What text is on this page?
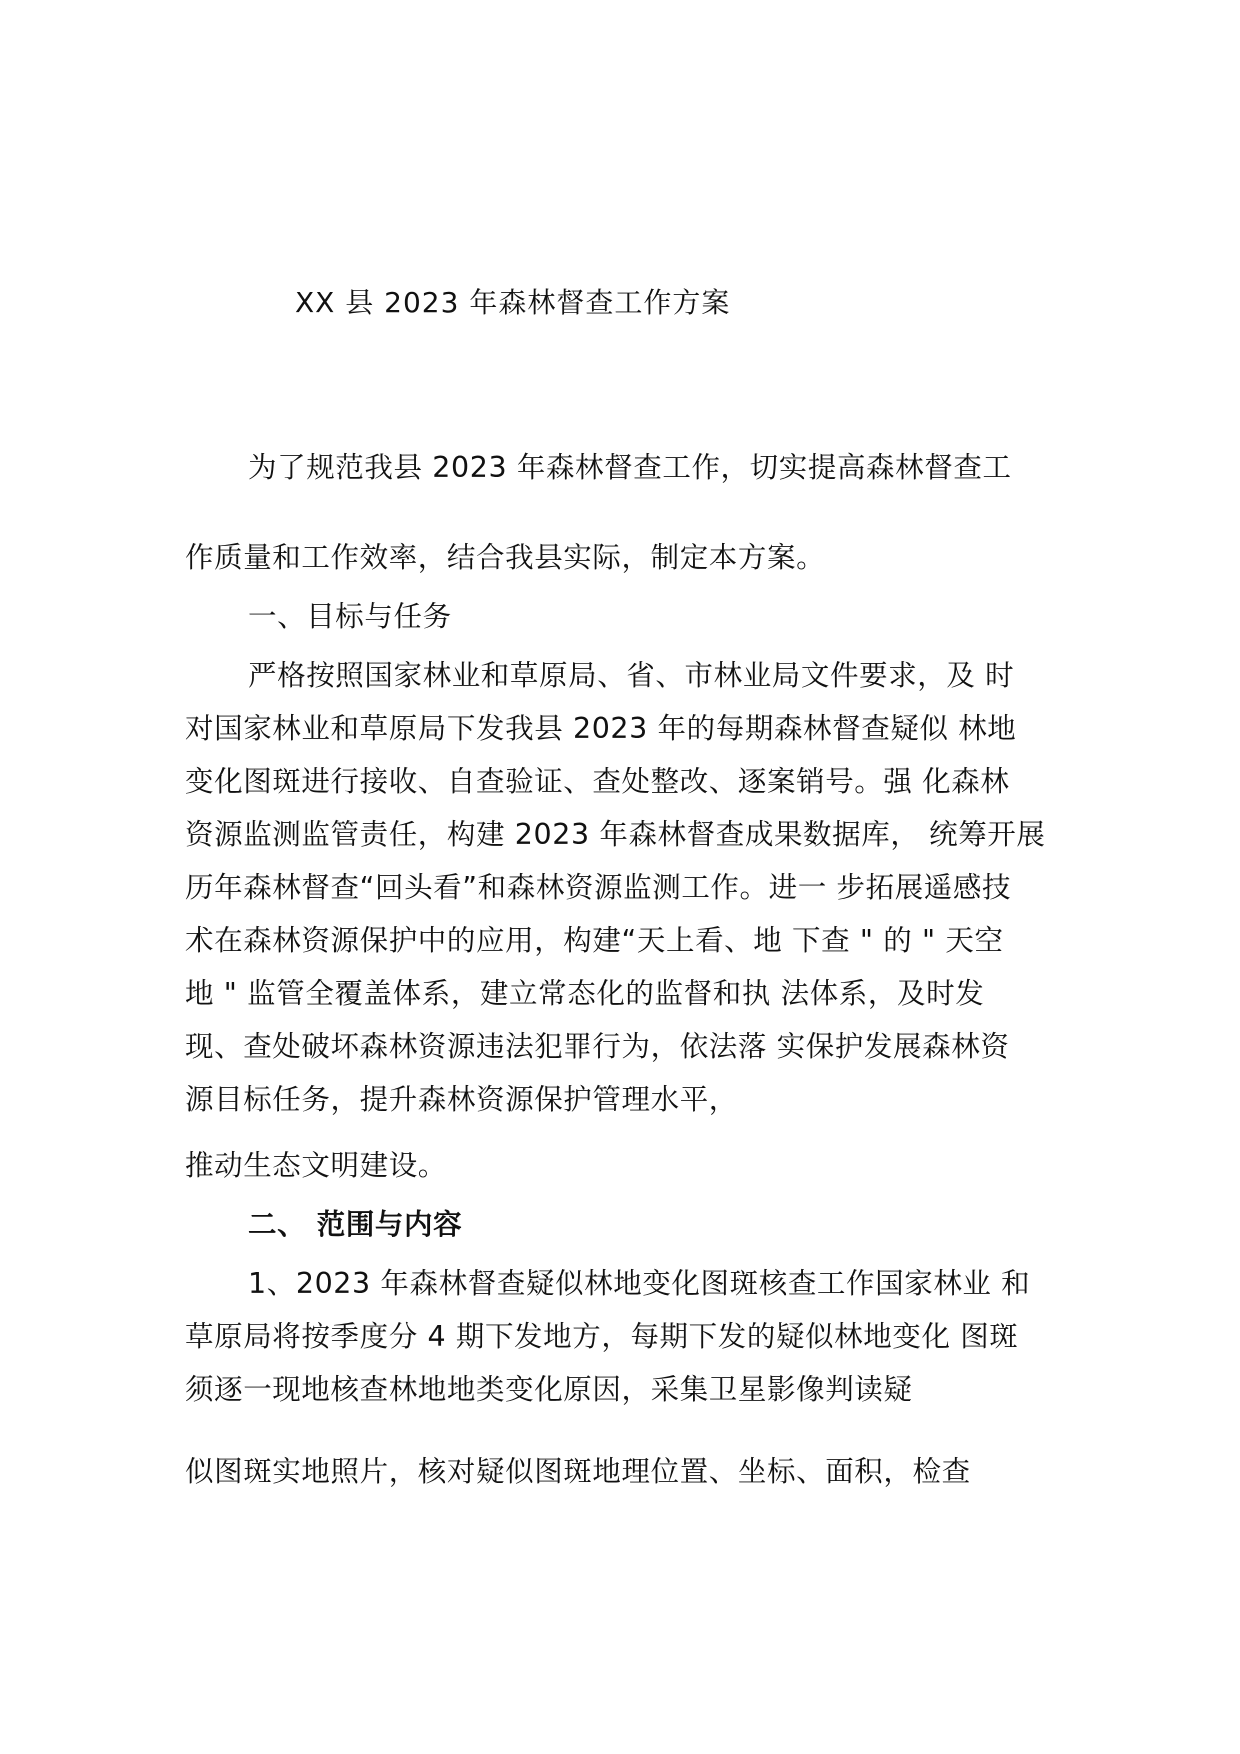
XX 县 2023 年森林督查工作方案
为了规范我县 2023 年森林督查工作，切实提高森林督查工
作质量和工作效率，结合我县实际，制定本方案。
一、目标与任务
严格按照国家林业和草原局、省、市林业局文件要求，及 时
对国家林业和草原局下发我县 2023 年的每期森林督查疑似 林地
变化图斑进行接收、自查验证、查处整改、逐案销号。强 化森林
资源监测监管责任，构建 2023 年森林督查成果数据库， 统筹开展
历年森林督查“回头看”和森林资源监测工作。进一 步拓展遥感技
术在森林资源保护中的应用，构建“天上看、地 下查 " 的 " 天空
地 " 监管全覆盖体系，建立常态化的监督和执 法体系，及时发
现、查处破坏森林资源违法犯罪行为，依法落 实保护发展森林资
源目标任务，提升森林资源保护管理水平，
推动生态文明建设。
二、 范围与内容
1、2023 年森林督查疑似林地变化图斑核查工作国家林业 和
草原局将按季度分 4 期下发地方，每期下发的疑似林地变化 图斑
须逐一现地核查林地地类变化原因，采集卫星影像判读疑
似图斑实地照片，核对疑似图斑地理位置、坐标、面积，检查
